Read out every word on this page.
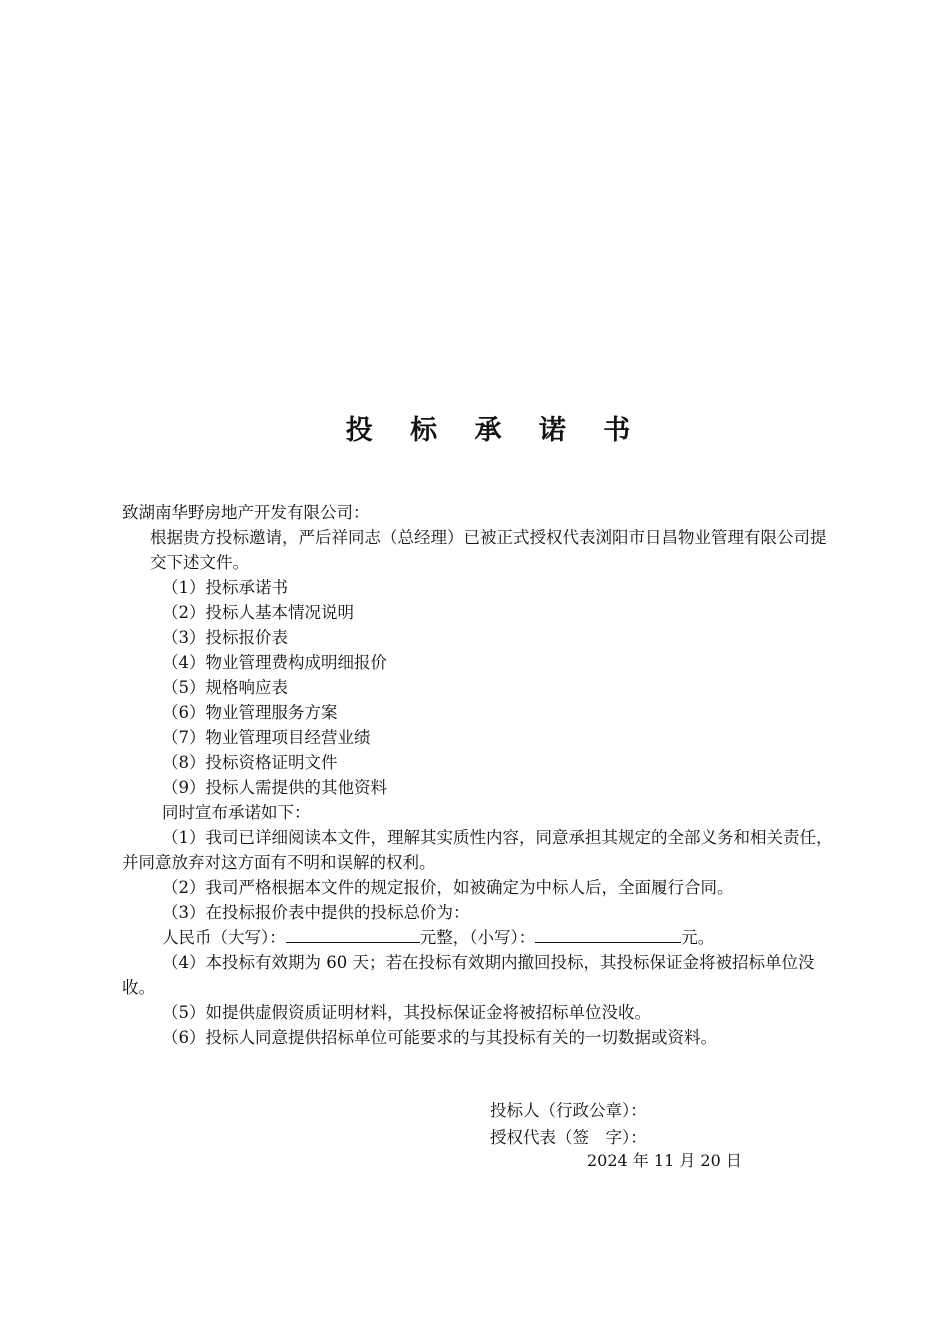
投 标 承 诺 书
致湖南华野房地产开发有限公司：
根据贵方投标邀请，严后祥同志（总经理）已被正式授权代表浏阳市日昌物业管理有限公司提交下述文件。
（1）投标承诺书
（2）投标人基本情况说明
（3）投标报价表
（4）物业管理费构成明细报价
（5）规格响应表
（6）物业管理服务方案
（7）物业管理项目经营业绩
（8）投标资格证明文件
（9）投标人需提供的其他资料
同时宣布承诺如下：
（1）我司已详细阅读本文件，理解其实质性内容，同意承担其规定的全部义务和相关责任，并同意放弃对这方面有不明和误解的权利。
（2）我司严格根据本文件的规定报价，如被确定为中标人后，全面履行合同。
（3）在投标报价表中提供的投标总价为：
人民币（大写）：	元整，（小写）：	元。
（4）本投标有效期为 60 天；若在投标有效期内撤回投标，其投标保证金将被招标单位没收。
（5）如提供虚假资质证明材料，其投标保证金将被招标单位没收。
（6）投标人同意提供招标单位可能要求的与其投标有关的一切数据或资料。
投标人（行政公章）：
授权代表（签　字）：
2024 年 11 月 20 日
